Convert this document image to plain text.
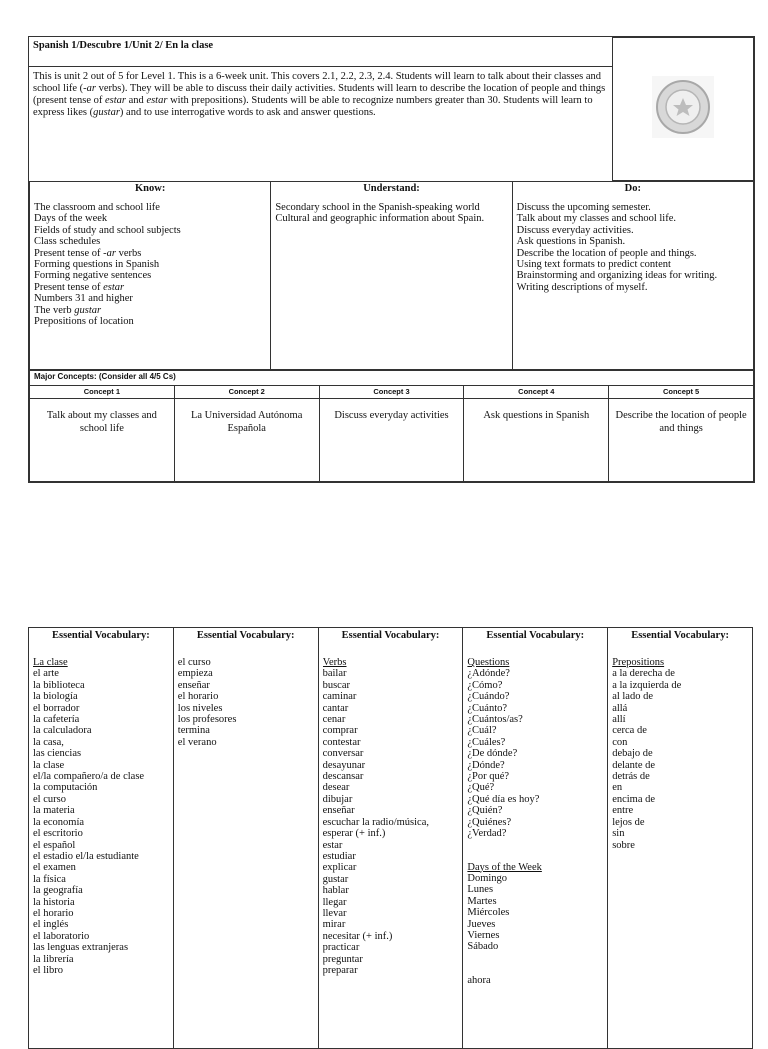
Spanish 1/Descubre 1/Unit 2/ En la clase
This is unit 2 out of 5 for Level 1. This is a 6-week unit. This covers 2.1, 2.2, 2.3, 2.4. Students will learn to talk about their classes and school life (-ar verbs). They will be able to discuss their daily activities. Students will learn to describe the location of people and things (present tense of estar and estar with prepositions). Students will be able to recognize numbers greater than 30. Students will learn to express likes (gustar) and to use interrogative words to ask and answer questions.

Know:
The classroom and school life
Days of the week
Fields of study and school subjects
Class schedules
Present tense of -ar verbs
Forming questions in Spanish
Forming negative sentences
Present tense of estar
Numbers 31 and higher
The verb gustar
Prepositions of location

Understand:
Secondary school in the Spanish-speaking world
Cultural and geographic information about Spain.

Do:
Discuss the upcoming semester.
Talk about my classes and school life.
Discuss everyday activities.
Ask questions in Spanish.
Describe the location of people and things.
Using text formats to predict content
Brainstorming and organizing ideas for writing.
Writing descriptions of myself.
Major Concepts: (Consider all 4/5 Cs)				
Concept 1	Concept 2	Concept 3	Concept 4	Concept 5
Talk about my classes and school life	La Universidad Autónoma Española	Discuss everyday activities	Ask questions in Spanish	Describe the location of people and things
Essential Vocabulary:
La clase
el arte
la biblioteca
la biología
el borrador
la cafetería
la calculadora
la casa,
las ciencias
la clase
el/la compañero/a de clase
la computación
el curso
la materia
la economía
el escritorio
el español
el estadio el/la estudiante
el examen
la física
la geografía
la historia
el horario
el inglés
el laboratorio
las lenguas extranjeras
la librería
el libro

Essential Vocabulary:
el curso
empieza
enseñar
el horario
los niveles
los profesores
termina
el verano

Essential Vocabulary:
Verbs
bailar
buscar
caminar
cantar
cenar
comprar
contestar
conversar
desayunar
descansar
desear
dibujar
enseñar
escuchar la radio/música,
esperar (+ inf.)
estar
estudiar
explicar
gustar
hablar
llegar
llevar
mirar
necesitar (+ inf.)
practicar
preguntar
preparar

Essential Vocabulary:
Questions
¿Adónde?
¿Cómo?
¿Cuándo?
¿Cuánto?
¿Cuántos/as?
¿Cuál?
¿Cuáles?
¿De dónde?
¿Dónde?
¿Por qué?
¿Qué?
¿Qué día es hoy?
¿Quién?
¿Quiénes?
¿Verdad?
Days of the Week
Domingo
Lunes
Martes
Miércoles
Jueves
Viernes
Sábado
ahora

Essential Vocabulary:
Prepositions
a la derecha de
a la izquierda de
al lado de
allá
allí
cerca de
con
debajo de
delante de
detrás de
en
encima de
entre
lejos de
sin
sobre
